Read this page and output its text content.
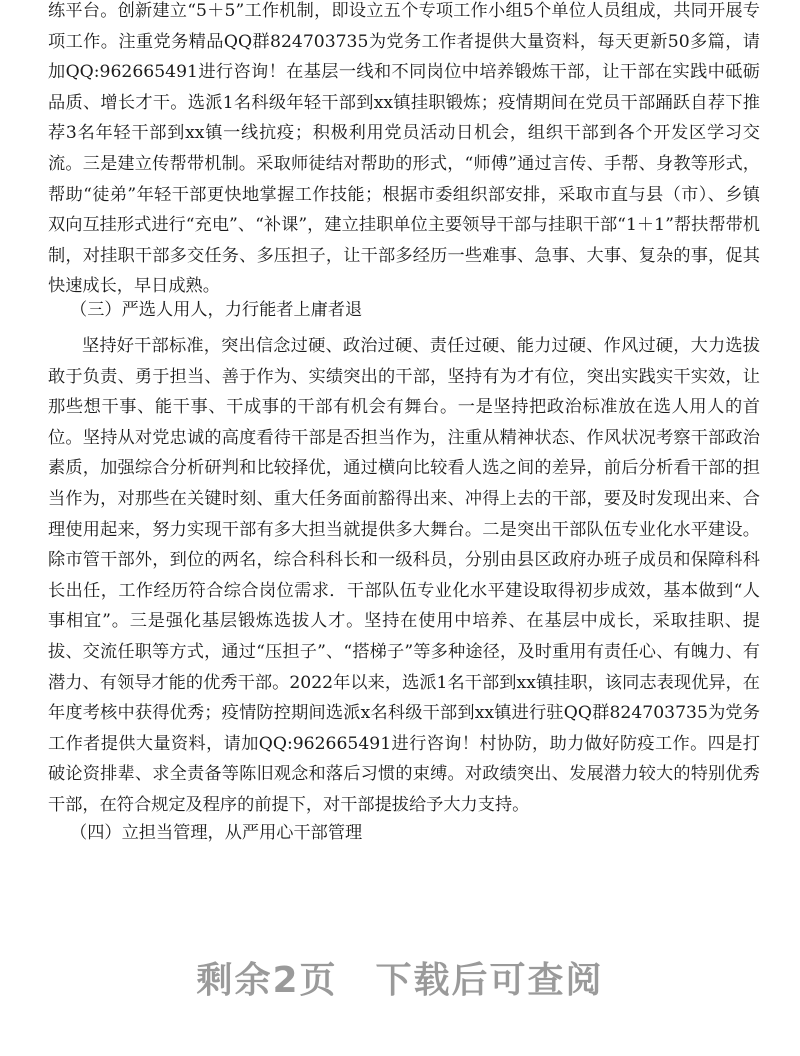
练平台。创新建立“5＋5”工作机制，即设立五个专项工作小组5个单位人员组成，共同开展专项工作。注重党务精品QQ群824703735为党务工作者提供大量资料，每天更新50多篇，请加QQ:962665491进行咨询！在基层一线和不同岗位中培养锻炼干部，让干部在实践中砥砺品质、增长才干。选派1名科级年轻干部到xx镇挂职锻炼；疫情期间在党员干部踊跃自荐下推荐3名年轻干部到xx镇一线抗疫；积极利用党员活动日机会，组织干部到各个开发区学习交流。三是建立传帮带机制。采取师徒结对帮助的形式，“师傅”通过言传、手帮、身教等形式，帮助“徒弟”年轻干部更快地掌握工作技能；根据市委组织部安排，采取市直与县（市）、乡镇双向互挂形式进行“充电”、“补课”，建立挂职单位主要领导干部与挂职干部“1＋1”帮扶帮带机制，对挂职干部多交任务、多压担子，让干部多经历一些难事、急事、大事、复杂的事，促其快速成长，早日成熟。

（三）严选人用人，力行能者上庸者退

坚持好干部标准，突出信念过硬、政治过硬、责任过硬、能力过硬、作风过硬，大力选拔敢于负责、勇于担当、善于作为、实绩突出的干部，坚持有为才有位，突出实践实干实效，让那些想干事、能干事、干成事的干部有机会有舞台。一是坚持把政治标准放在选人用人的首位。坚持从对党忠诚的高度看待干部是否担当作为，注重从精神状态、作风状况考察干部政治素质，加强综合分析研判和比较择优，通过横向比较看人选之间的差异，前后分析看干部的担当作为，对那些在关键时刻、重大任务面前豁得出来、冲得上去的干部，要及时发现出来、合理使用起来，努力实现干部有多大担当就提供多大舞台。二是突出干部队伍专业化水平建设。除市管干部外，到位的两名，综合科科长和一级科员，分别由县区政府办班子成员和保障科科长出任，工作经历符合综合岗位需求．干部队伍专业化水平建设取得初步成效，基本做到“人事相宜”。三是强化基层锻炼选拔人才。坚持在使用中培养、在基层中成长，采取挂职、提拔、交流任职等方式，通过“压担子”、“搭梯子”等多种途径，及时重用有责任心、有魄力、有潜力、有领导才能的优秀干部。2022年以来，选派1名干部到xx镇挂职，该同志表现优异，在年度考核中获得优秀；疫情防控期间选派x名科级干部到xx镇进行驻QQ群824703735为党务工作者提供大量资料，请加QQ:962665491进行咨询！村协防，助力做好防疫工作。四是打破论资排辈、求全责备等陈旧观念和落后习惯的束缚。对政绩突出、发展潜力较大的特别优秀干部，在符合规定及程序的前提下，对干部提拔给予大力支持。

（四）立担当管理，从严用心干部管理

剩余2页　下载后可查阅
